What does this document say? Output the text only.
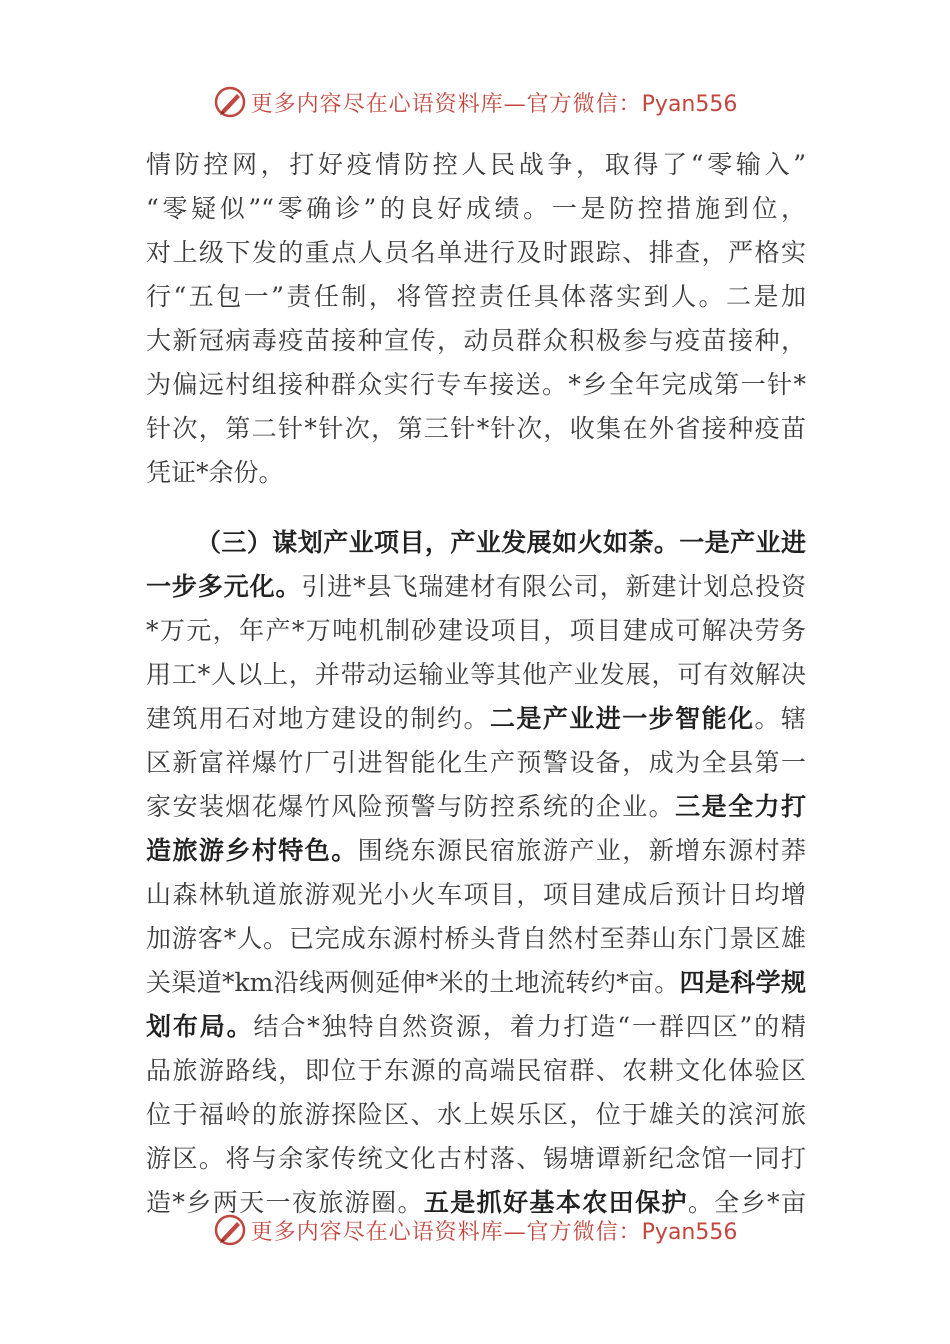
更多内容尽在心语资料库—官方微信：Pyan556
情防控网，打好疫情防控人民战争，取得了“零输入”
“零疑似”“零确诊”的良好成绩。一是防控措施到位，
对上级下发的重点人员名单进行及时跟踪、排查，严格实
行“五包一”责任制，将管控责任具体落实到人。二是加
大新冠病毒疫苗接种宣传，动员群众积极参与疫苗接种，
为偏远村组接种群众实行专车接送。*乡全年完成第一针*
针次，第二针*针次，第三针*针次，收集在外省接种疫苗
凭证*余份。
（三）谋划产业项目，产业发展如火如荼。一是产业进
一步多元化。引进*县飞瑞建材有限公司，新建计划总投资
*万元，年产*万吨机制砂建设项目，项目建成可解决劳务
用工*人以上，并带动运输业等其他产业发展，可有效解决
建筑用石对地方建设的制约。二是产业进一步智能化。辖
区新富祥爆竹厂引进智能化生产预警设备，成为全县第一
家安装烟花爆竹风险预警与防控系统的企业。三是全力打
造旅游乡村特色。围绕东源民宿旅游产业，新增东源村莽
山森林轨道旅游观光小火车项目，项目建成后预计日均增
加游客*人。已完成东源村桥头背自然村至莽山东门景区雄
关渠道*km沿线两侧延伸*米的土地流转约*亩。四是科学规
划布局。结合*独特自然资源，着力打造“一群四区”的精
品旅游路线，即位于东源的高端民宿群、农耕文化体验区
位于福岭的旅游探险区、水上娱乐区，位于雄关的滨河旅
游区。将与余家传统文化古村落、锡塘谭新纪念馆一同打
造*乡两天一夜旅游圈。五是抓好基本农田保护。全乡*亩
更多内容尽在心语资料库—官方微信：Pyan556
